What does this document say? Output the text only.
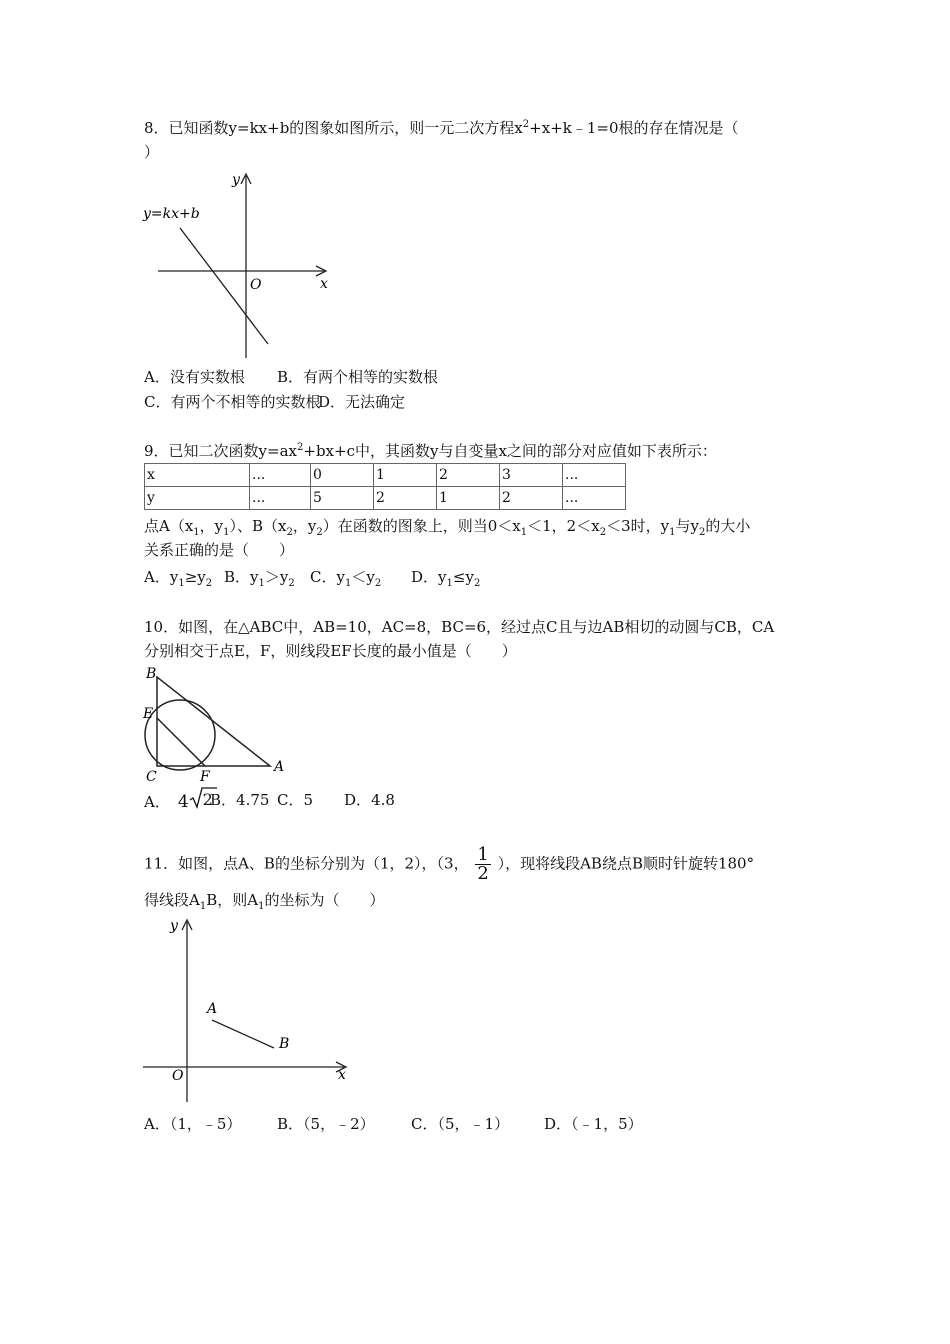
8．已知函数y=kx+b的图象如图所示，则一元二次方程$x^2+x+k﹣1=0$根的存在情况是（
）
y=kx+b
y
x
O
A．没有实数根 B．有两个相等的实数根
C．有两个不相等的实数根
D．无法确定
9．已知二次函数$y=ax^2+bx+c$中，其函数y与自变量x之间的部分对应值如下表所示：
x	...	0	1	2	3	...
y	...	5	2	1	2	...
点$A(x_1$，$y_1$）、$B(x_2$，$y_2$）在函数的图象上，则当$0<x_1<1$，$2<x_2<3$时，$y_1$与$y_2$的大小
关系正确的是（　　）
A．$y_1\ge y_2$ B．$y_1>y_2$ C．$y_1<y_2$ D．$y_1\le y_2$
10．如图，在△ABC中，AB=10，AC=8，BC=6，经过点C且与边AB相切的动圆与CB，CA
分别相交于点E，F，则线段EF长度的最小值是（　　）
B
E
C	F
A
A． 4 2
B．4.75 C．5 D．4.8
11．如图，点A、B的坐标分别为（1，2），（3， $\frac{1}{2}$ ），现将线段AB绕点B顺时针旋转180°
得线段$A_1B$，则$A_1$的坐标为（　　）
y
x
O
A
B
A．（1，﹣5） B．（5，﹣2） C．（5，﹣1） D．（﹣1，5）
